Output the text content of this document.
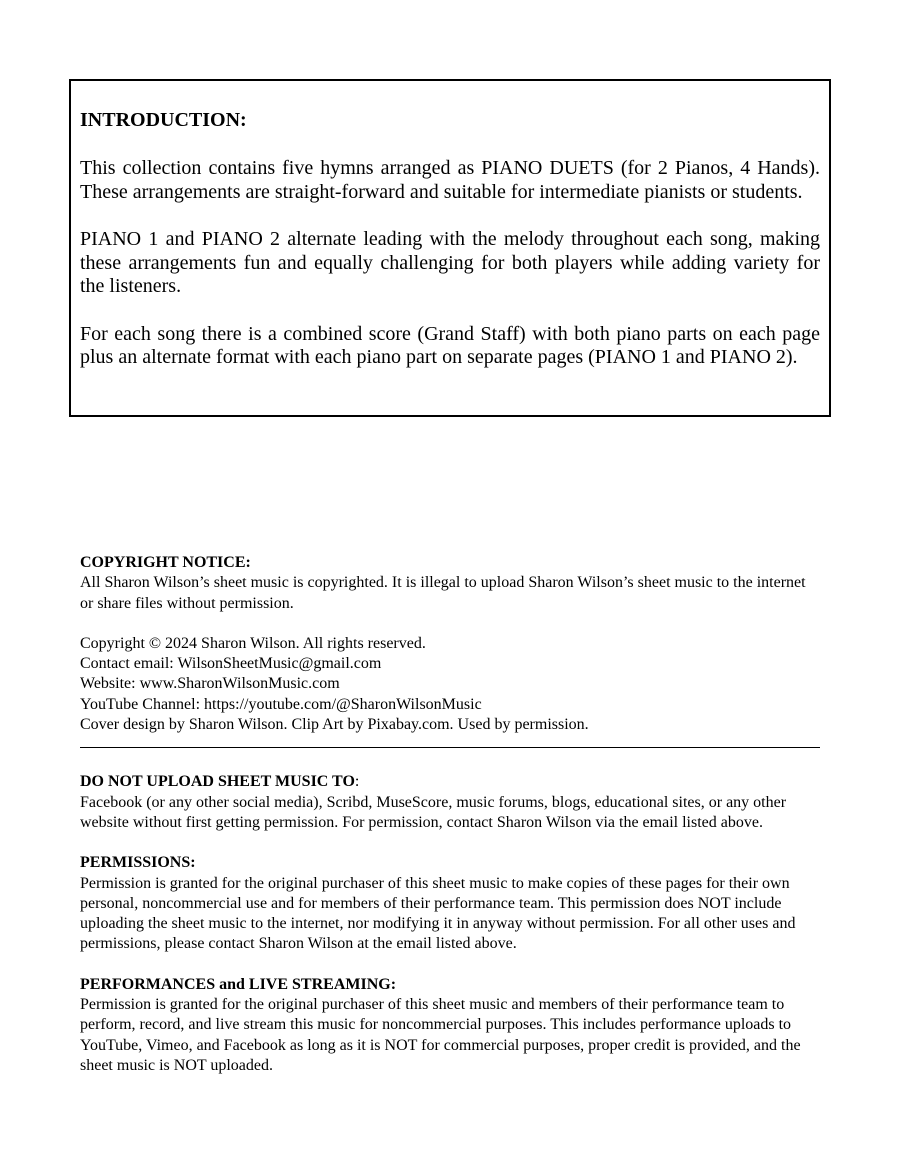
INTRODUCTION:

This collection contains five hymns arranged as PIANO DUETS (for 2 Pianos, 4 Hands). These arrangements are straight-forward and suitable for intermediate pianists or students.

PIANO 1 and PIANO 2 alternate leading with the melody throughout each song, making these arrangements fun and equally challenging for both players while adding variety for the listeners.

For each song there is a combined score (Grand Staff) with both piano parts on each page plus an alternate format with each piano part on separate pages (PIANO 1 and PIANO 2).

COPYRIGHT NOTICE:

All Sharon Wilson’s sheet music is copyrighted. It is illegal to upload Sharon Wilson’s sheet music to the internet or share files without permission.

Copyright © 2024 Sharon Wilson. All rights reserved.

Contact email: WilsonSheetMusic@gmail.com

Website: www.SharonWilsonMusic.com

YouTube Channel: https://youtube.com/@SharonWilsonMusic

Cover design by Sharon Wilson. Clip Art by Pixabay.com. Used by permission.

DO NOT UPLOAD SHEET MUSIC TO:

Facebook (or any other social media), Scribd, MuseScore, music forums, blogs, educational sites, or any other website without first getting permission. For permission, contact Sharon Wilson via the email listed above.

PERMISSIONS:

Permission is granted for the original purchaser of this sheet music to make copies of these pages for their own personal, noncommercial use and for members of their performance team. This permission does NOT include uploading the sheet music to the internet, nor modifying it in anyway without permission. For all other uses and permissions, please contact Sharon Wilson at the email listed above.

PERFORMANCES and LIVE STREAMING:

Permission is granted for the original purchaser of this sheet music and members of their performance team to perform, record, and live stream this music for noncommercial purposes. This includes performance uploads to YouTube, Vimeo, and Facebook as long as it is NOT for commercial purposes, proper credit is provided, and the sheet music is NOT uploaded.
